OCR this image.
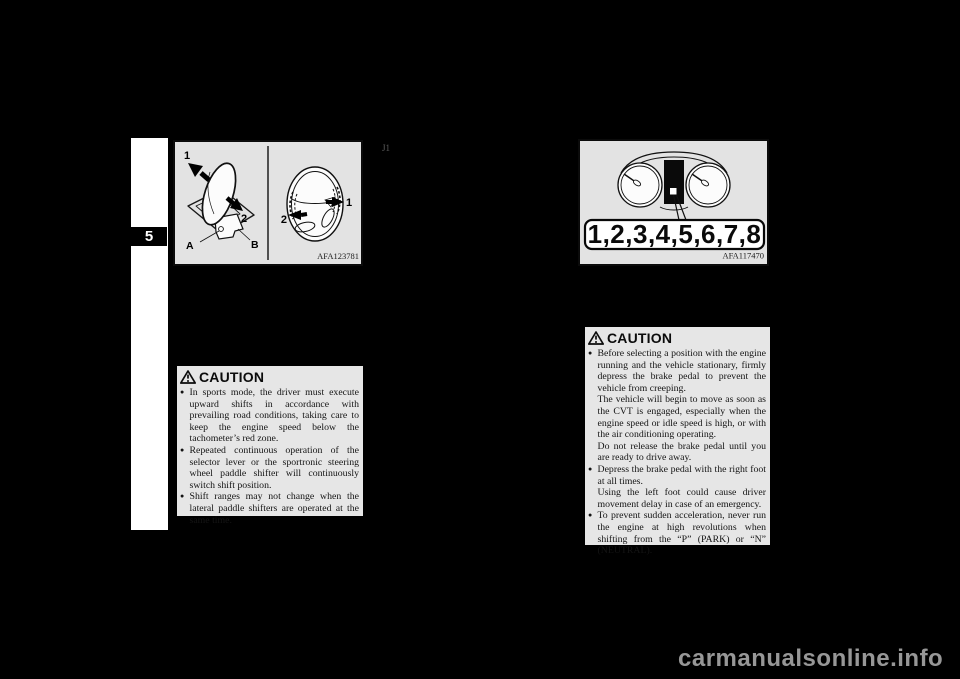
5
1
2
A	B
2
1
AFA123781
J1
1,2,3,4,5,6,7,8
AFA117470
CAUTION
● In sports mode, the driver must execute upward shifts in accordance with prevailing road conditions, taking care to keep the engine speed below the tachometer’s red zone.

● Repeated continuous operation of the selector lever or the sportronic steering wheel paddle shifter will continuously switch shift position.

● Shift ranges may not change when the lateral paddle shifters are operated at the same time.

CAUTION
● Before selecting a position with the engine running and the vehicle stationary, firmly depress the brake pedal to prevent the vehicle from creeping.

The vehicle will begin to move as soon as the CVT is engaged, especially when the engine speed or idle speed is high, or with the air conditioning operating.

Do not release the brake pedal until you are ready to drive away.

● Depress the brake pedal with the right foot at all times.

Using the left foot could cause driver movement delay in case of an emergency.

● To prevent sudden acceleration, never run the engine at high revolutions when shifting from the “P” (PARK) or “N” (NEUTRAL).

carmanualsonline.info
